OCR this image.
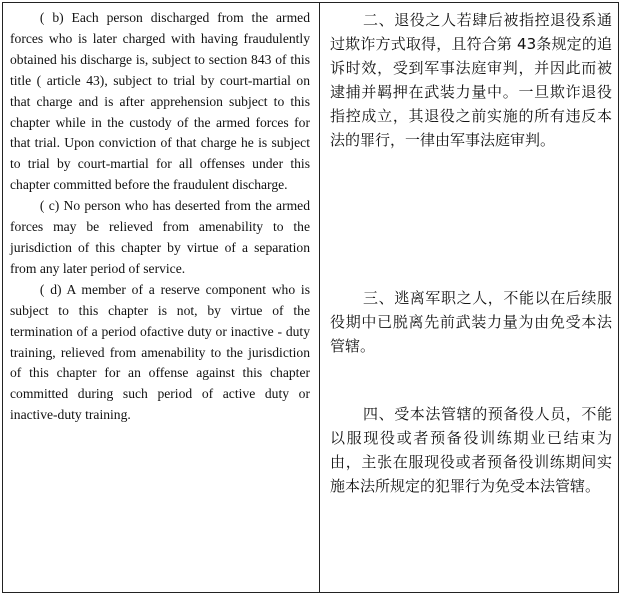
( b) Each person discharged from the armed forces who is later charged with having fraudulently obtained his discharge is, subject to section 843 of this title ( article 43), subject to trial by court-martial on that charge and is after apprehension subject to this chapter while in the custody of the armed forces for that trial. Upon conviction of that charge he is subject to trial by court-martial for all offenses under this chapter committed before the fraudulent discharge.

( c) No person who has deserted from the armed forces may be relieved from amenability to the jurisdiction of this chapter by virtue of a separation from any later period of service.

( d) A member of a reserve component who is subject to this chapter is not, by virtue of the termination of a period ofactive duty or inactive - duty training, relieved from amenability to the jurisdiction of this chapter for an offense against this chapter committed during such period of active duty or inactive-duty training.

二、退役之人若肆后被指控退役系通过欺诈方式取得，且符合第 43条规定的追诉时效，受到军事法庭审判，并因此而被逮捕并羁押在武装力量中。一旦欺诈退役指控成立，其退役之前实施的所有违反本法的罪行，一律由军事法庭审判。

三、逃离军职之人，不能以在后续服役期中已脱离先前武装力量为由免受本法管辖。

四、受本法管辖的预备役人员，不能以服现役或者预备役训练期业已结束为由，主张在服现役或者预备役训练期间实施本法所规定的犯罪行为免受本法管辖。
